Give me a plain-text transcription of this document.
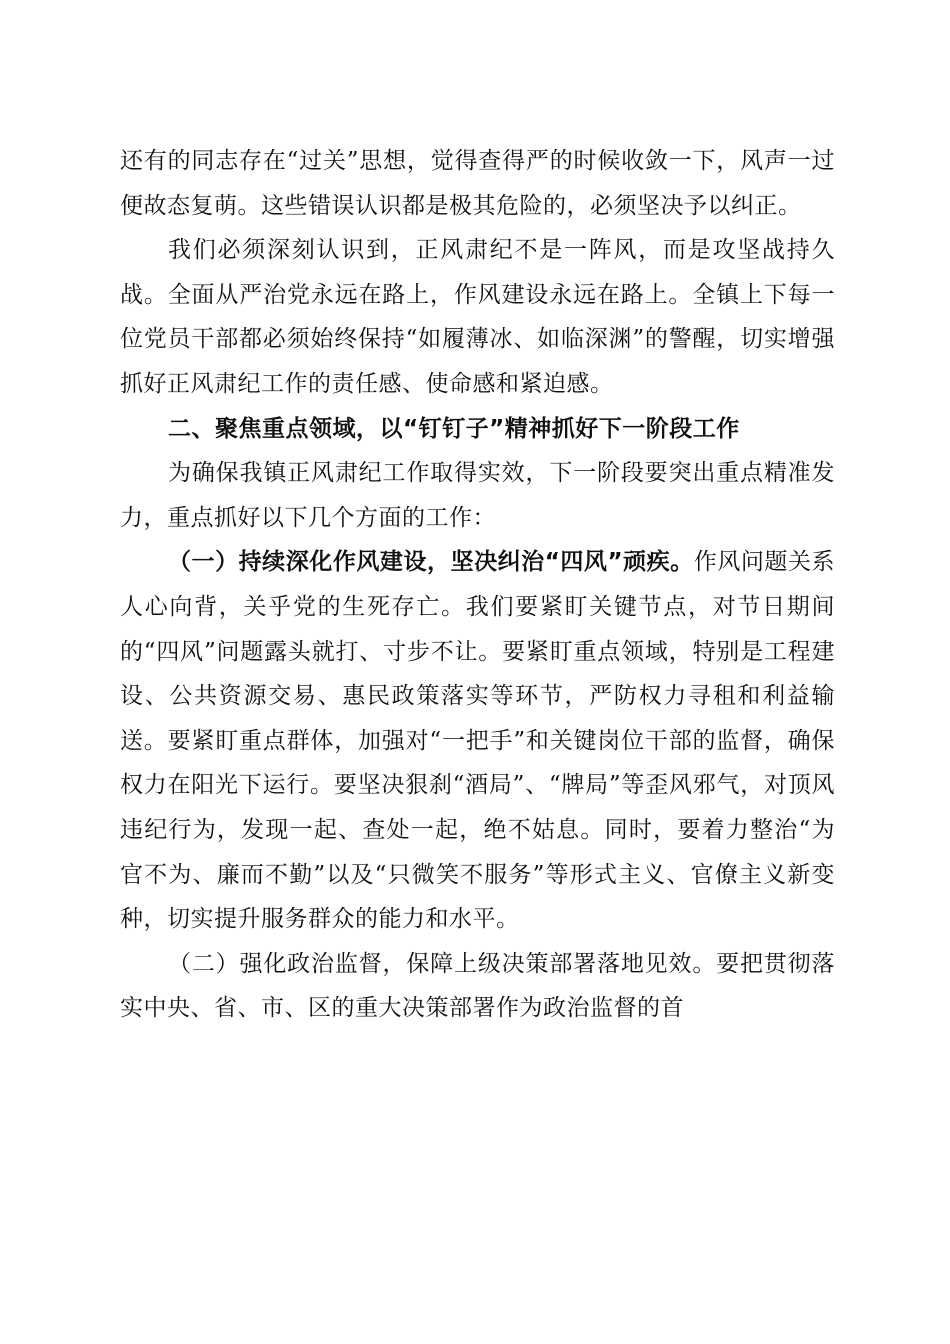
还有的同志存在“过关”思想，觉得查得严的时候收敛一下，风声一过便故态复萌。这些错误认识都是极其危险的，必须坚决予以纠正。

我们必须深刻认识到，正风肃纪不是一阵风，而是攻坚战持久战。全面从严治党永远在路上，作风建设永远在路上。全镇上下每一位党员干部都必须始终保持“如履薄冰、如临深渊”的警醒，切实增强抓好正风肃纪工作的责任感、使命感和紧迫感。

二、聚焦重点领域，以“钉钉子”精神抓好下一阶段工作

为确保我镇正风肃纪工作取得实效，下一阶段要突出重点精准发力，重点抓好以下几个方面的工作：

（一）持续深化作风建设，坚决纠治“四风”顽疾。作风问题关系人心向背，关乎党的生死存亡。我们要紧盯关键节点，对节日期间的“四风”问题露头就打、寸步不让。要紧盯重点领域，特别是工程建设、公共资源交易、惠民政策落实等环节，严防权力寻租和利益输送。要紧盯重点群体，加强对“一把手”和关键岗位干部的监督，确保权力在阳光下运行。要坚决狠刹“酒局”、“牌局”等歪风邪气，对顶风违纪行为，发现一起、查处一起，绝不姑息。同时，要着力整治“为官不为、廉而不勤”以及“只微笑不服务”等形式主义、官僚主义新变种，切实提升服务群众的能力和水平。

（二）强化政治监督，保障上级决策部署落地见效。要把贯彻落实中央、省、市、区的重大决策部署作为政治监督的首
